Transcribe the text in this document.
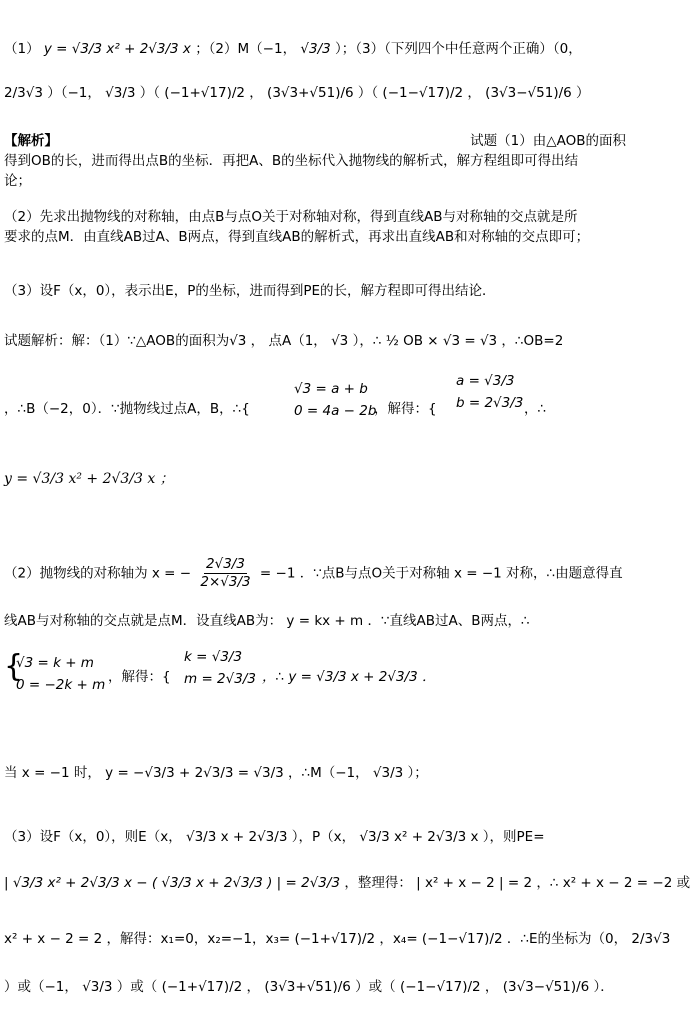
（1） y = √3/3 x² + 2√3/3 x ；（2）M（−1， √3/3 ）；（3）（下列四个中任意两个正确）（0，
2/3√3 ）（−1， √3/3 ）（ (−1+√17)/2 ， (3√3+√51)/6 ）（ (−1−√17)/2 ， (3√3−√51)/6 ）
【解析】	试题（1）由△AOB的面积
得到OB的长，进而得出点B的坐标．再把A、B的坐标代入抛物线的解析式，解方程组即可得出结
论；
（2）先求出抛物线的对称轴，由点B与点O关于对称轴对称，得到直线AB与对称轴的交点就是所
要求的点M．由直线AB过A、B两点，得到直线AB的解析式，再求出直线AB和对称轴的交点即可；
（3）设F（x，0），表示出E，P的坐标，进而得到PE的长，解方程即可得出结论．
试题解析：解：（1）∵△AOB的面积为√3 ， 点A（1， √3 ），∴ ½ OB × √3 = √3 ，∴OB=2
，∴B（−2，0）．∵抛物线过点A，B，∴{
√3 = a + b
0 = 4a − 2b
，解得：{
a = √3/3
b = 2√3/3 ，∴
y = √3/3 x² + 2√3/3 x ；
（2）抛物线的对称轴为 x = − $\frac{2√3/3}{2\times√3/3} = -1$ ．∵点B与点O关于对称轴 x = −1 对称，∴由题意得直
线AB与对称轴的交点就是点M．设直线AB为： y = kx + m ．∵直线AB过A、B两点，∴
{
√3 = k + m
0 = −2k + m ，解得：{
k = √3/3
m = 2√3/3 ，∴ y = √3/3 x + 2√3/3 ．
当 x = −1 时， y = −√3/3 + 2√3/3 = √3/3 ，∴M（−1， √3/3 ）；
（3）设F（x，0），则E（x， √3/3 x + 2√3/3 ），P（x， √3/3 x² + 2√3/3 x ），则PE=
| √3/3 x² + 2√3/3 x − ( √3/3 x + 2√3/3 ) | = 2√3/3 ，整理得： | x² + x − 2 | = 2 ，∴ x² + x − 2 = −2 或
x² + x − 2 = 2 ，解得：x₁=0，x₂=−1，x₃= (−1+√17)/2 ，x₄= (−1−√17)/2 ．∴E的坐标为（0， 2/3√3
）或（−1， √3/3 ）或（ (−1+√17)/2 ， (3√3+√51)/6 ）或（ (−1−√17)/2 ， (3√3−√51)/6 ）．
